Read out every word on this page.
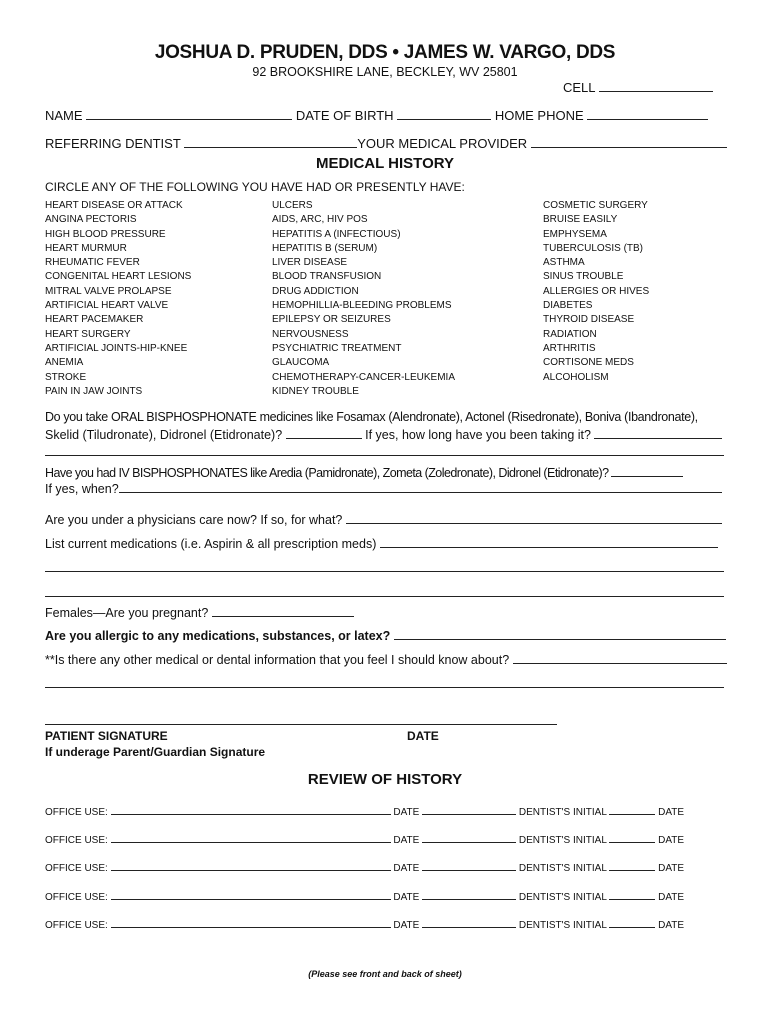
JOSHUA D. PRUDEN, DDS • JAMES W. VARGO, DDS
92 BROOKSHIRE LANE, BECKLEY, WV 25801
CELL
NAME	DATE OF BIRTH	HOME PHONE
REFERRING DENTIST	YOUR MEDICAL PROVIDER
MEDICAL HISTORY
CIRCLE ANY OF THE FOLLOWING YOU HAVE HAD OR PRESENTLY HAVE:
HEART DISEASE OR ATTACK
ANGINA PECTORIS
HIGH BLOOD PRESSURE
HEART MURMUR
RHEUMATIC FEVER
CONGENITAL HEART LESIONS
MITRAL VALVE PROLAPSE
ARTIFICIAL HEART VALVE
HEART PACEMAKER
HEART SURGERY
ARTIFICIAL JOINTS-HIP-KNEE
ANEMIA
STROKE
PAIN IN JAW JOINTS
ULCERS
AIDS, ARC, HIV POS
HEPATITIS A (INFECTIOUS)
HEPATITIS B (SERUM)
LIVER DISEASE
BLOOD TRANSFUSION
DRUG ADDICTION
HEMOPHILLIA-BLEEDING PROBLEMS
EPILEPSY OR SEIZURES
NERVOUSNESS
PSYCHIATRIC TREATMENT
GLAUCOMA
CHEMOTHERAPY-CANCER-LEUKEMIA
KIDNEY TROUBLE
COSMETIC SURGERY
BRUISE EASILY
EMPHYSEMA
TUBERCULOSIS (TB)
ASTHMA
SINUS TROUBLE
ALLERGIES OR HIVES
DIABETES
THYROID DISEASE
RADIATION
ARTHRITIS
CORTISONE MEDS
ALCOHOLISM
Do you take ORAL BISPHOSPHONATE medicines like Fosamax (Alendronate), Actonel (Risedronate), Boniva (Ibandronate),
Skelid (Tiludronate), Didronel (Etidronate)?	If yes, how long have you been taking it?
Have you had IV BISPHOSPHONATES like Aredia (Pamidronate), Zometa (Zoledronate), Didronel (Etidronate)?
If yes, when?
Are you under a physicians care now? If so, for what?
List current medications (i.e. Aspirin & all prescription meds)
Females—Are you pregnant?
Are you allergic to any medications, substances, or latex?
**Is there any other medical or dental information that you feel I should know about?
PATIENT SIGNATURE	DATE
If underage Parent/Guardian Signature
REVIEW OF HISTORY
OFFICE USE:	DATE	DENTIST'S INITIAL	DATE
OFFICE USE:	DATE	DENTIST'S INITIAL	DATE
OFFICE USE:	DATE	DENTIST'S INITIAL	DATE
OFFICE USE:	DATE	DENTIST'S INITIAL	DATE
OFFICE USE:	DATE	DENTIST'S INITIAL	DATE
(Please see front and back of sheet)
